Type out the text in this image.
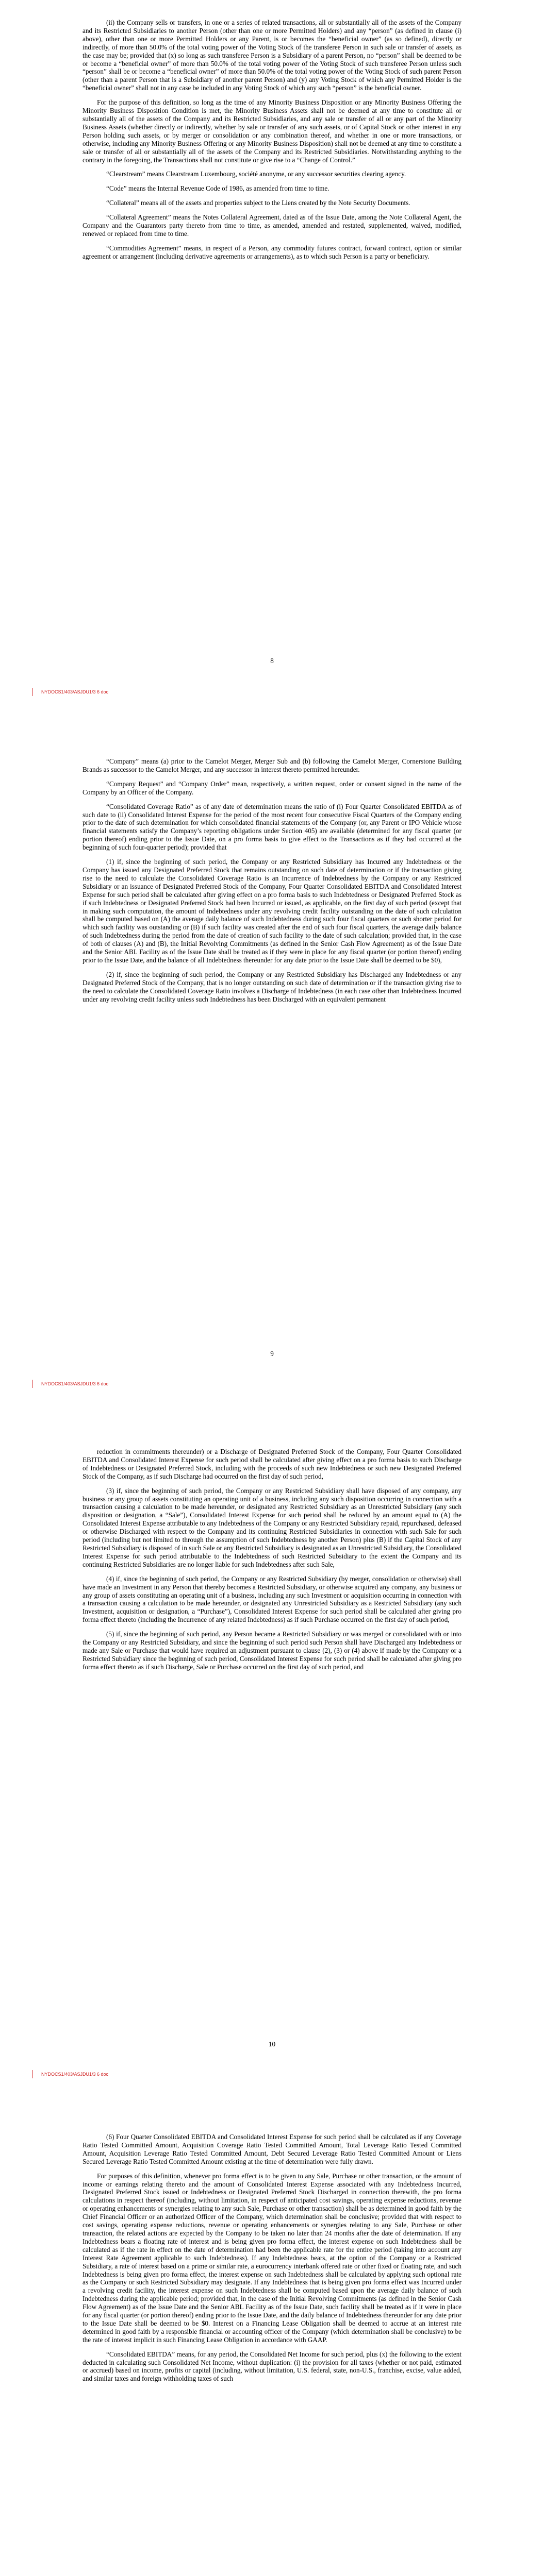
(ii) the Company sells or transfers, in one or a series of related transactions, all or substantially all of the assets of the Company and its Restricted Subsidiaries to another Person (other than one or more Permitted Holders) and any “person” (as defined in clause (i) above), other than one or more Permitted Holders or any Parent, is or becomes the “beneficial owner” (as so defined), directly or indirectly, of more than 50.0% of the total voting power of the Voting Stock of the transferee Person in such sale or transfer of assets, as the case may be; provided that (x) so long as such transferee Person is a Subsidiary of a parent Person, no “person” shall be deemed to be or become a “beneficial owner” of more than 50.0% of the total voting power of the Voting Stock of such transferee Person unless such “person” shall be or become a “beneficial owner” of more than 50.0% of the total voting power of the Voting Stock of such parent Person (other than a parent Person that is a Subsidiary of another parent Person) and (y) any Voting Stock of which any Permitted Holder is the “beneficial owner” shall not in any case be included in any Voting Stock of which any such “person” is the beneficial owner.

For the purpose of this definition, so long as the time of any Minority Business Disposition or any Minority Business Offering the Minority Business Disposition Condition is met, the Minority Business Assets shall not be deemed at any time to constitute all or substantially all of the assets of the Company and its Restricted Subsidiaries, and any sale or transfer of all or any part of the Minority Business Assets (whether directly or indirectly, whether by sale or transfer of any such assets, or of Capital Stock or other interest in any Person holding such assets, or by merger or consolidation or any combination thereof, and whether in one or more transactions, or otherwise, including any Minority Business Offering or any Minority Business Disposition) shall not be deemed at any time to constitute a sale or transfer of all or substantially all of the assets of the Company and its Restricted Subsidiaries. Notwithstanding anything to the contrary in the foregoing, the Transactions shall not constitute or give rise to a “Change of Control.”

“Clearstream” means Clearstream Luxembourg, société anonyme, or any successor securities clearing agency.

“Code” means the Internal Revenue Code of 1986, as amended from time to time.

“Collateral” means all of the assets and properties subject to the Liens created by the Note Security Documents.

“Collateral Agreement” means the Notes Collateral Agreement, dated as of the Issue Date, among the Note Collateral Agent, the Company and the Guarantors party thereto from time to time, as amended, amended and restated, supplemented, waived, modified, renewed or replaced from time to time.

“Commodities Agreement” means, in respect of a Person, any commodity futures contract, forward contract, option or similar agreement or arrangement (including derivative agreements or arrangements), as to which such Person is a party or beneficiary.

8
NYDOCS1/403/ASJDU1/3 6 doc

“Company” means (a) prior to the Camelot Merger, Merger Sub and (b) following the Camelot Merger, Cornerstone Building Brands as successor to the Camelot Merger, and any successor in interest thereto permitted hereunder.

“Company Request” and “Company Order” mean, respectively, a written request, order or consent signed in the name of the Company by an Officer of the Company.

“Consolidated Coverage Ratio” as of any date of determination means the ratio of (i) Four Quarter Consolidated EBITDA as of such date to (ii) Consolidated Interest Expense for the period of the most recent four consecutive Fiscal Quarters of the Company ending prior to the date of such determination for which consolidated financial statements of the Company (or, any Parent or IPO Vehicle whose financial statements satisfy the Company’s reporting obligations under Section 405) are available (determined for any fiscal quarter (or portion thereof) ending prior to the Issue Date, on a pro forma basis to give effect to the Transactions as if they had occurred at the beginning of such four-quarter period); provided that

(1) if, since the beginning of such period, the Company or any Restricted Subsidiary has Incurred any Indebtedness or the Company has issued any Designated Preferred Stock that remains outstanding on such date of determination or if the transaction giving rise to the need to calculate the Consolidated Coverage Ratio is an Incurrence of Indebtedness by the Company or any Restricted Subsidiary or an issuance of Designated Preferred Stock of the Company, Four Quarter Consolidated EBITDA and Consolidated Interest Expense for such period shall be calculated after giving effect on a pro forma basis to such Indebtedness or Designated Preferred Stock as if such Indebtedness or Designated Preferred Stock had been Incurred or issued, as applicable, on the first day of such period (except that in making such computation, the amount of Indebtedness under any revolving credit facility outstanding on the date of such calculation shall be computed based on (A) the average daily balance of such Indebtedness during such four fiscal quarters or such shorter period for which such facility was outstanding or (B) if such facility was created after the end of such four fiscal quarters, the average daily balance of such Indebtedness during the period from the date of creation of such facility to the date of such calculation; provided that, in the case of both of clauses (A) and (B), the Initial Revolving Commitments (as defined in the Senior Cash Flow Agreement) as of the Issue Date and the Senior ABL Facility as of the Issue Date shall be treated as if they were in place for any fiscal quarter (or portion thereof) ending prior to the Issue Date, and the balance of all Indebtedness thereunder for any date prior to the Issue Date shall be deemed to be $0),

(2) if, since the beginning of such period, the Company or any Restricted Subsidiary has Discharged any Indebtedness or any Designated Preferred Stock of the Company, that is no longer outstanding on such date of determination or if the transaction giving rise to the need to calculate the Consolidated Coverage Ratio involves a Discharge of Indebtedness (in each case other than Indebtedness Incurred under any revolving credit facility unless such Indebtedness has been Discharged with an equivalent permanent

9
NYDOCS1/403/ASJDU1/3 6 doc

reduction in commitments thereunder) or a Discharge of Designated Preferred Stock of the Company, Four Quarter Consolidated EBITDA and Consolidated Interest Expense for such period shall be calculated after giving effect on a pro forma basis to such Discharge of Indebtedness or Designated Preferred Stock, including with the proceeds of such new Indebtedness or such new Designated Preferred Stock of the Company, as if such Discharge had occurred on the first day of such period,

(3) if, since the beginning of such period, the Company or any Restricted Subsidiary shall have disposed of any company, any business or any group of assets constituting an operating unit of a business, including any such disposition occurring in connection with a transaction causing a calculation to be made hereunder, or designated any Restricted Subsidiary as an Unrestricted Subsidiary (any such disposition or designation, a “Sale”), Consolidated Interest Expense for such period shall be reduced by an amount equal to (A) the Consolidated Interest Expense attributable to any Indebtedness of the Company or any Restricted Subsidiary repaid, repurchased, defeased or otherwise Discharged with respect to the Company and its continuing Restricted Subsidiaries in connection with such Sale for such period (including but not limited to through the assumption of such Indebtedness by another Person) plus (B) if the Capital Stock of any Restricted Subsidiary is disposed of in such Sale or any Restricted Subsidiary is designated as an Unrestricted Subsidiary, the Consolidated Interest Expense for such period attributable to the Indebtedness of such Restricted Subsidiary to the extent the Company and its continuing Restricted Subsidiaries are no longer liable for such Indebtedness after such Sale,

(4) if, since the beginning of such period, the Company or any Restricted Subsidiary (by merger, consolidation or otherwise) shall have made an Investment in any Person that thereby becomes a Restricted Subsidiary, or otherwise acquired any company, any business or any group of assets constituting an operating unit of a business, including any such Investment or acquisition occurring in connection with a transaction causing a calculation to be made hereunder, or designated any Unrestricted Subsidiary as a Restricted Subsidiary (any such Investment, acquisition or designation, a “Purchase”), Consolidated Interest Expense for such period shall be calculated after giving pro forma effect thereto (including the Incurrence of any related Indebtedness) as if such Purchase occurred on the first day of such period,

(5) if, since the beginning of such period, any Person became a Restricted Subsidiary or was merged or consolidated with or into the Company or any Restricted Subsidiary, and since the beginning of such period such Person shall have Discharged any Indebtedness or made any Sale or Purchase that would have required an adjustment pursuant to clause (2), (3) or (4) above if made by the Company or a Restricted Subsidiary since the beginning of such period, Consolidated Interest Expense for such period shall be calculated after giving pro forma effect thereto as if such Discharge, Sale or Purchase occurred on the first day of such period, and

10
NYDOCS1/403/ASJDU1/3 6 doc

(6) Four Quarter Consolidated EBITDA and Consolidated Interest Expense for such period shall be calculated as if any Coverage Ratio Tested Committed Amount, Acquisition Coverage Ratio Tested Committed Amount, Total Leverage Ratio Tested Committed Amount, Acquisition Leverage Ratio Tested Committed Amount, Debt Secured Leverage Ratio Tested Committed Amount or Liens Secured Leverage Ratio Tested Committed Amount existing at the time of determination were fully drawn.

For purposes of this definition, whenever pro forma effect is to be given to any Sale, Purchase or other transaction, or the amount of income or earnings relating thereto and the amount of Consolidated Interest Expense associated with any Indebtedness Incurred, Designated Preferred Stock issued or Indebtedness or Designated Preferred Stock Discharged in connection therewith, the pro forma calculations in respect thereof (including, without limitation, in respect of anticipated cost savings, operating expense reductions, revenue or operating enhancements or synergies relating to any such Sale, Purchase or other transaction) shall be as determined in good faith by the Chief Financial Officer or an authorized Officer of the Company, which determination shall be conclusive; provided that with respect to cost savings, operating expense reductions, revenue or operating enhancements or synergies relating to any Sale, Purchase or other transaction, the related actions are expected by the Company to be taken no later than 24 months after the date of determination. If any Indebtedness bears a floating rate of interest and is being given pro forma effect, the interest expense on such Indebtedness shall be calculated as if the rate in effect on the date of determination had been the applicable rate for the entire period (taking into account any Interest Rate Agreement applicable to such Indebtedness). If any Indebtedness bears, at the option of the Company or a Restricted Subsidiary, a rate of interest based on a prime or similar rate, a eurocurrency interbank offered rate or other fixed or floating rate, and such Indebtedness is being given pro forma effect, the interest expense on such Indebtedness shall be calculated by applying such optional rate as the Company or such Restricted Subsidiary may designate. If any Indebtedness that is being given pro forma effect was Incurred under a revolving credit facility, the interest expense on such Indebtedness shall be computed based upon the average daily balance of such Indebtedness during the applicable period; provided that, in the case of the Initial Revolving Commitments (as defined in the Senior Cash Flow Agreement) as of the Issue Date and the Senior ABL Facility as of the Issue Date, such facility shall be treated as if it were in place for any fiscal quarter (or portion thereof) ending prior to the Issue Date, and the daily balance of Indebtedness thereunder for any date prior to the Issue Date shall be deemed to be $0. Interest on a Financing Lease Obligation shall be deemed to accrue at an interest rate determined in good faith by a responsible financial or accounting officer of the Company (which determination shall be conclusive) to be the rate of interest implicit in such Financing Lease Obligation in accordance with GAAP.

“Consolidated EBITDA” means, for any period, the Consolidated Net Income for such period, plus (x) the following to the extent deducted in calculating such Consolidated Net Income, without duplication: (i) the provision for all taxes (whether or not paid, estimated or accrued) based on income, profits or capital (including, without limitation, U.S. federal, state, non-U.S., franchise, excise, value added, and similar taxes and foreign withholding taxes of such
